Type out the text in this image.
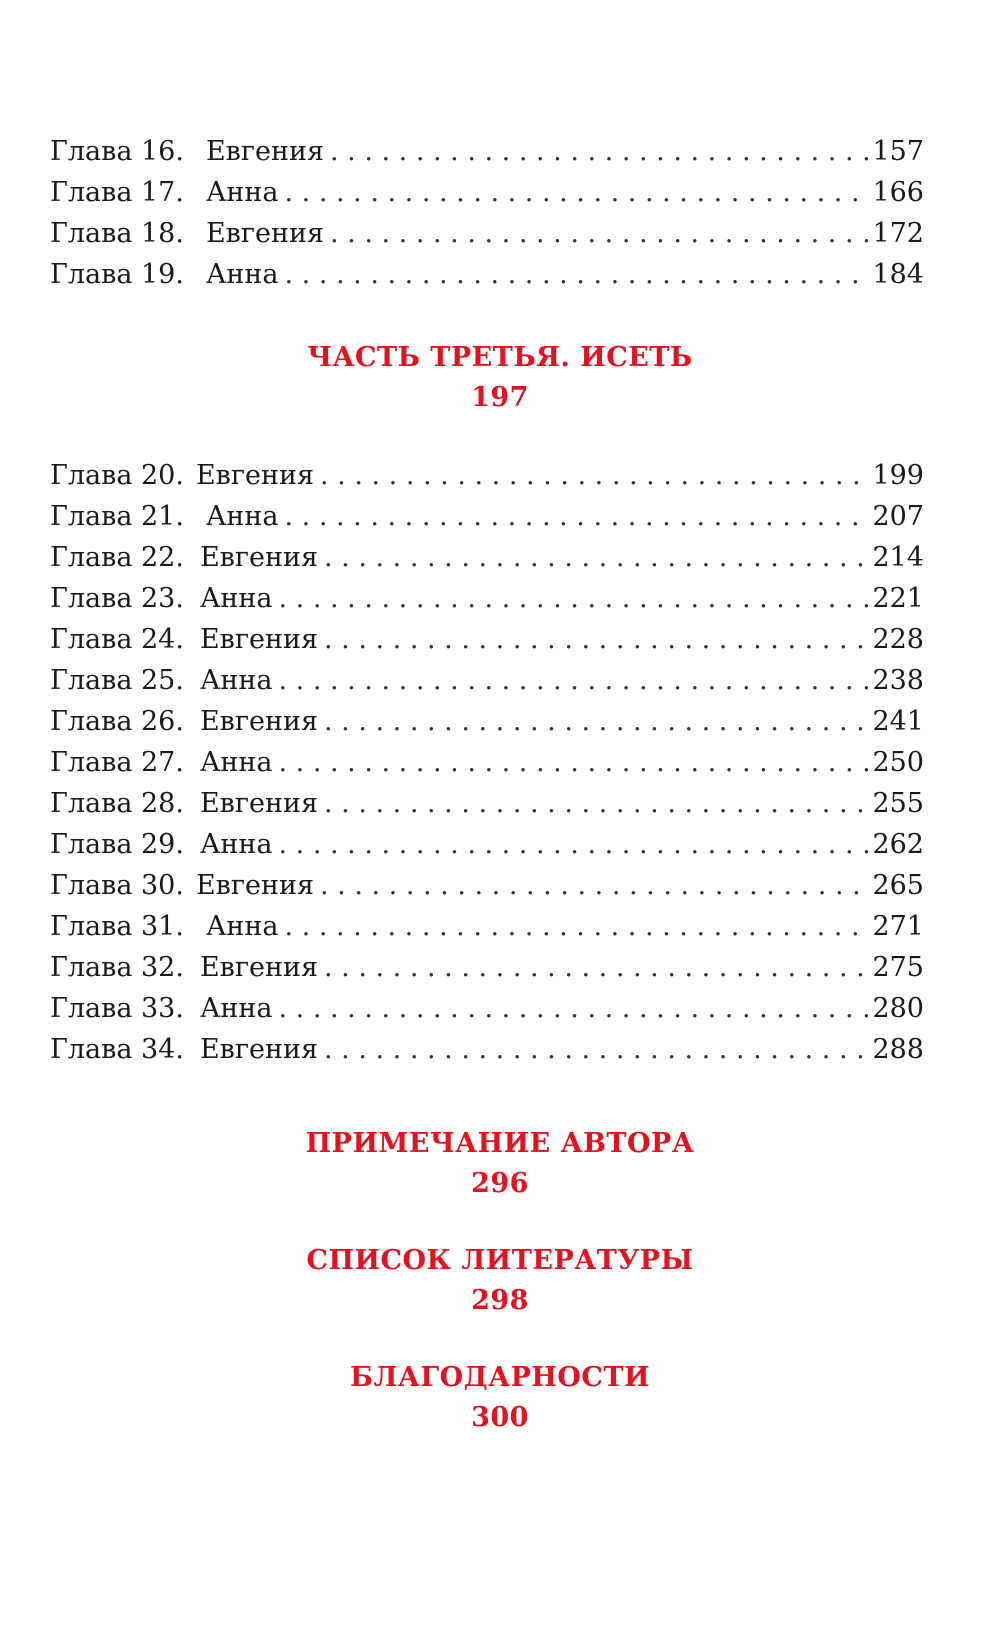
Глава 16. Евгения . . .	157
Глава 17. Анна . . .	166
Глава 18. Евгения . . .	172
Глава 19. Анна . . .	184
ЧАСТЬ ТРЕТЬЯ. ИСЕТЬ
197
Глава 20. Евгения . . .	199
Глава 21. Анна . . .	207
Глава 22. Евгения . . .	214
Глава 23. Анна . . .	221
Глава 24. Евгения . . .	228
Глава 25. Анна . . .	238
Глава 26. Евгения . . .	241
Глава 27. Анна . . .	250
Глава 28. Евгения . . .	255
Глава 29. Анна . . .	262
Глава 30. Евгения . . .	265
Глава 31. Анна . . .	271
Глава 32. Евгения . . .	275
Глава 33. Анна . . .	280
Глава 34. Евгения . . .	288
ПРИМЕЧАНИЕ АВТОРА
296
СПИСОК ЛИТЕРАТУРЫ
298
БЛАГОДАРНОСТИ
300
